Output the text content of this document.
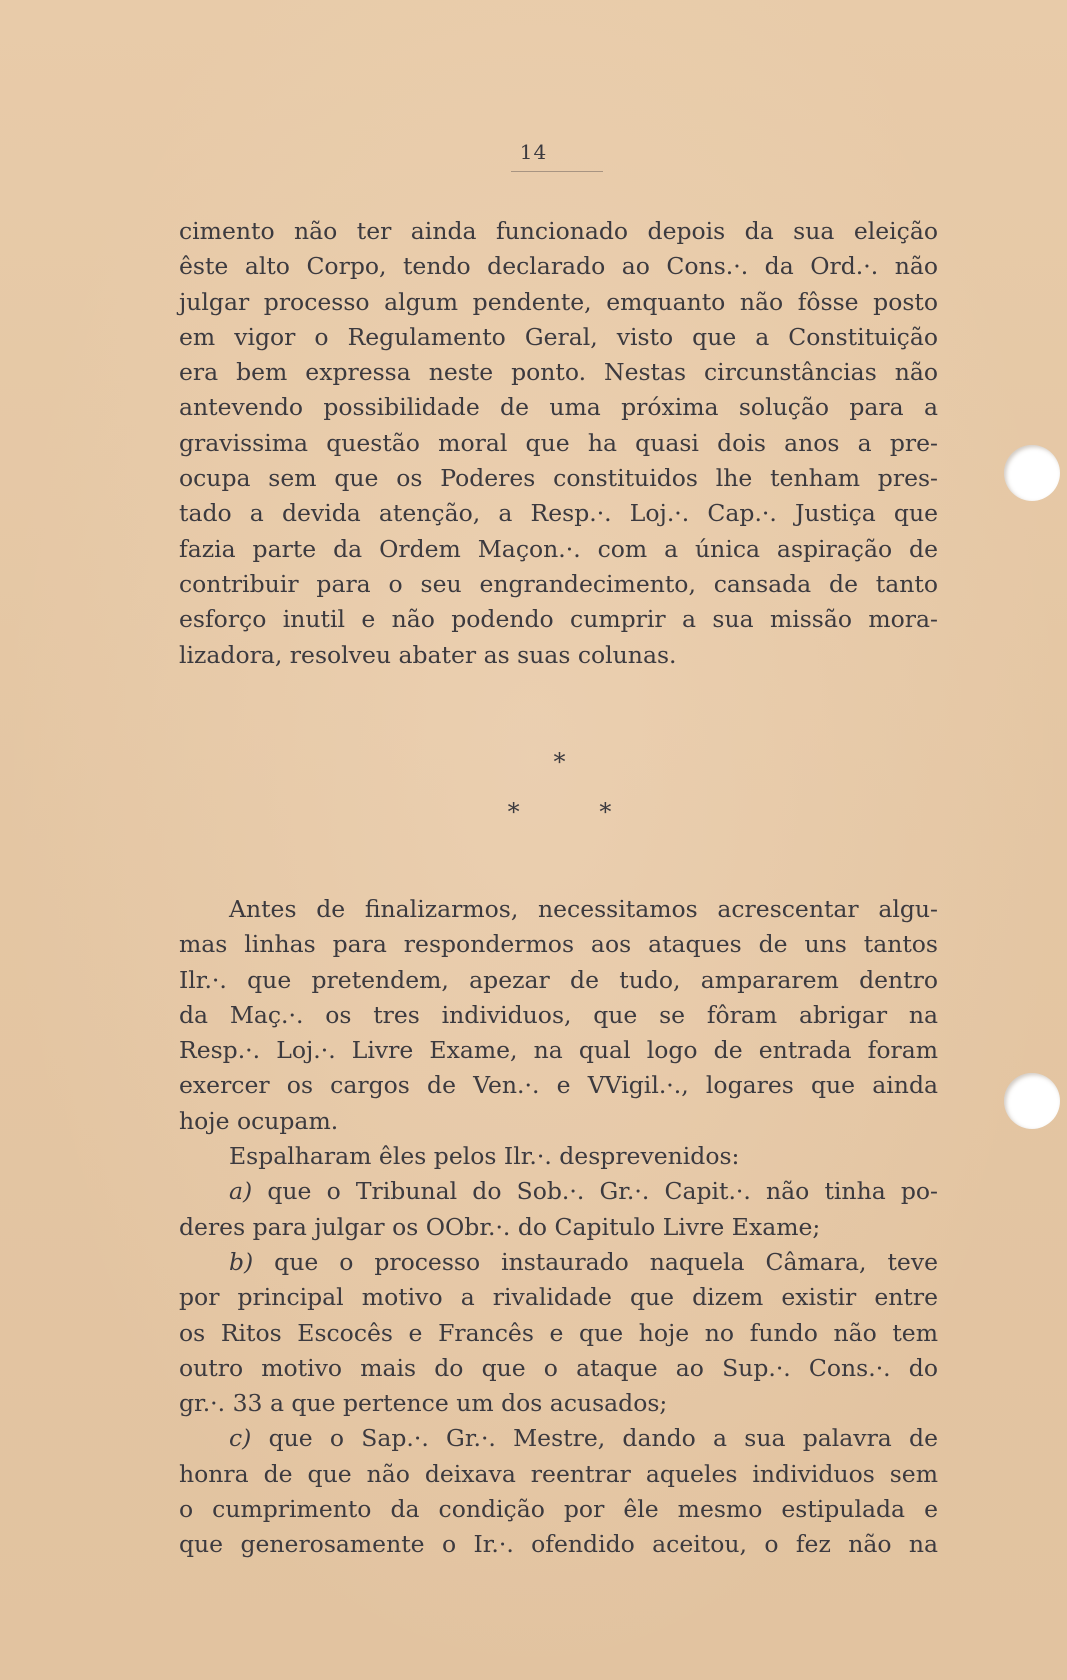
14
cimento não ter ainda funcionado depois da sua eleição
êste alto Corpo, tendo declarado ao Cons.·. da Ord.·. não
julgar processo algum pendente, emquanto não fôsse posto
em vigor o Regulamento Geral, visto que a Constituição
era bem expressa neste ponto. Nestas circunstâncias não
antevendo possibilidade de uma próxima solução para a
gravissima questão moral que ha quasi dois anos a pre-
ocupa sem que os Poderes constituidos lhe tenham pres-
tado a devida atenção, a Resp.·. Loj.·. Cap.·. Justiça que
fazia parte da Ordem Maçon.·. com a única aspiração de
contribuir para o seu engrandecimento, cansada de tanto
esforço inutil e não podendo cumprir a sua missão mora-
lizadora, resolveu abater as suas colunas.
*
*	*
Antes de finalizarmos, necessitamos acrescentar algu-
mas linhas para respondermos aos ataques de uns tantos
Ilr.·. que pretendem, apezar de tudo, ampararem dentro
da Maç.·. os tres individuos, que se fôram abrigar na
Resp.·. Loj.·. Livre Exame, na qual logo de entrada foram
exercer os cargos de Ven.·. e VVigil.·., logares que ainda
hoje ocupam.
Espalharam êles pelos Ilr.·. desprevenidos:
a) que o Tribunal do Sob.·. Gr.·. Capit.·. não tinha po-
deres para julgar os OObr.·. do Capitulo Livre Exame;
b) que o processo instaurado naquela Câmara, teve
por principal motivo a rivalidade que dizem existir entre
os Ritos Escocês e Francês e que hoje no fundo não tem
outro motivo mais do que o ataque ao Sup.·. Cons.·. do
gr.·. 33 a que pertence um dos acusados;
c) que o Sap.·. Gr.·. Mestre, dando a sua palavra de
honra de que não deixava reentrar aqueles individuos sem
o cumprimento da condição por êle mesmo estipulada e
que generosamente o Ir.·. ofendido aceitou, o fez não na
